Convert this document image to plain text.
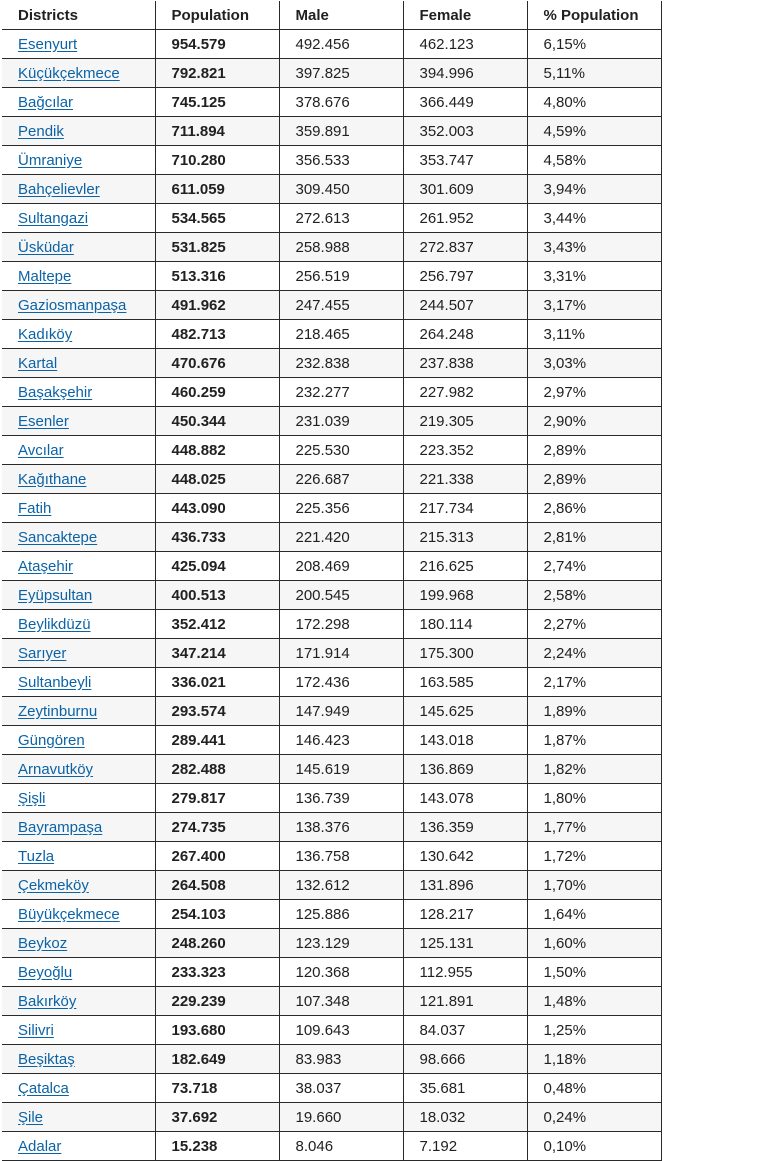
Districts	Population	Male	Female	% Population
Esenyurt	954.579	492.456	462.123	6,15%
Küçükçekmece	792.821	397.825	394.996	5,11%
Bağcılar	745.125	378.676	366.449	4,80%
Pendik	711.894	359.891	352.003	4,59%
Ümraniye	710.280	356.533	353.747	4,58%
Bahçelievler	611.059	309.450	301.609	3,94%
Sultangazi	534.565	272.613	261.952	3,44%
Üsküdar	531.825	258.988	272.837	3,43%
Maltepe	513.316	256.519	256.797	3,31%
Gaziosmanpaşa	491.962	247.455	244.507	3,17%
Kadıköy	482.713	218.465	264.248	3,11%
Kartal	470.676	232.838	237.838	3,03%
Başakşehir	460.259	232.277	227.982	2,97%
Esenler	450.344	231.039	219.305	2,90%
Avcılar	448.882	225.530	223.352	2,89%
Kağıthane	448.025	226.687	221.338	2,89%
Fatih	443.090	225.356	217.734	2,86%
Sancaktepe	436.733	221.420	215.313	2,81%
Ataşehir	425.094	208.469	216.625	2,74%
Eyüpsultan	400.513	200.545	199.968	2,58%
Beylikdüzü	352.412	172.298	180.114	2,27%
Sarıyer	347.214	171.914	175.300	2,24%
Sultanbeyli	336.021	172.436	163.585	2,17%
Zeytinburnu	293.574	147.949	145.625	1,89%
Güngören	289.441	146.423	143.018	1,87%
Arnavutköy	282.488	145.619	136.869	1,82%
Şişli	279.817	136.739	143.078	1,80%
Bayrampaşa	274.735	138.376	136.359	1,77%
Tuzla	267.400	136.758	130.642	1,72%
Çekmeköy	264.508	132.612	131.896	1,70%
Büyükçekmece	254.103	125.886	128.217	1,64%
Beykoz	248.260	123.129	125.131	1,60%
Beyoğlu	233.323	120.368	112.955	1,50%
Bakırköy	229.239	107.348	121.891	1,48%
Silivri	193.680	109.643	84.037	1,25%
Beşiktaş	182.649	83.983	98.666	1,18%
Çatalca	73.718	38.037	35.681	0,48%
Şile	37.692	19.660	18.032	0,24%
Adalar	15.238	8.046	7.192	0,10%
